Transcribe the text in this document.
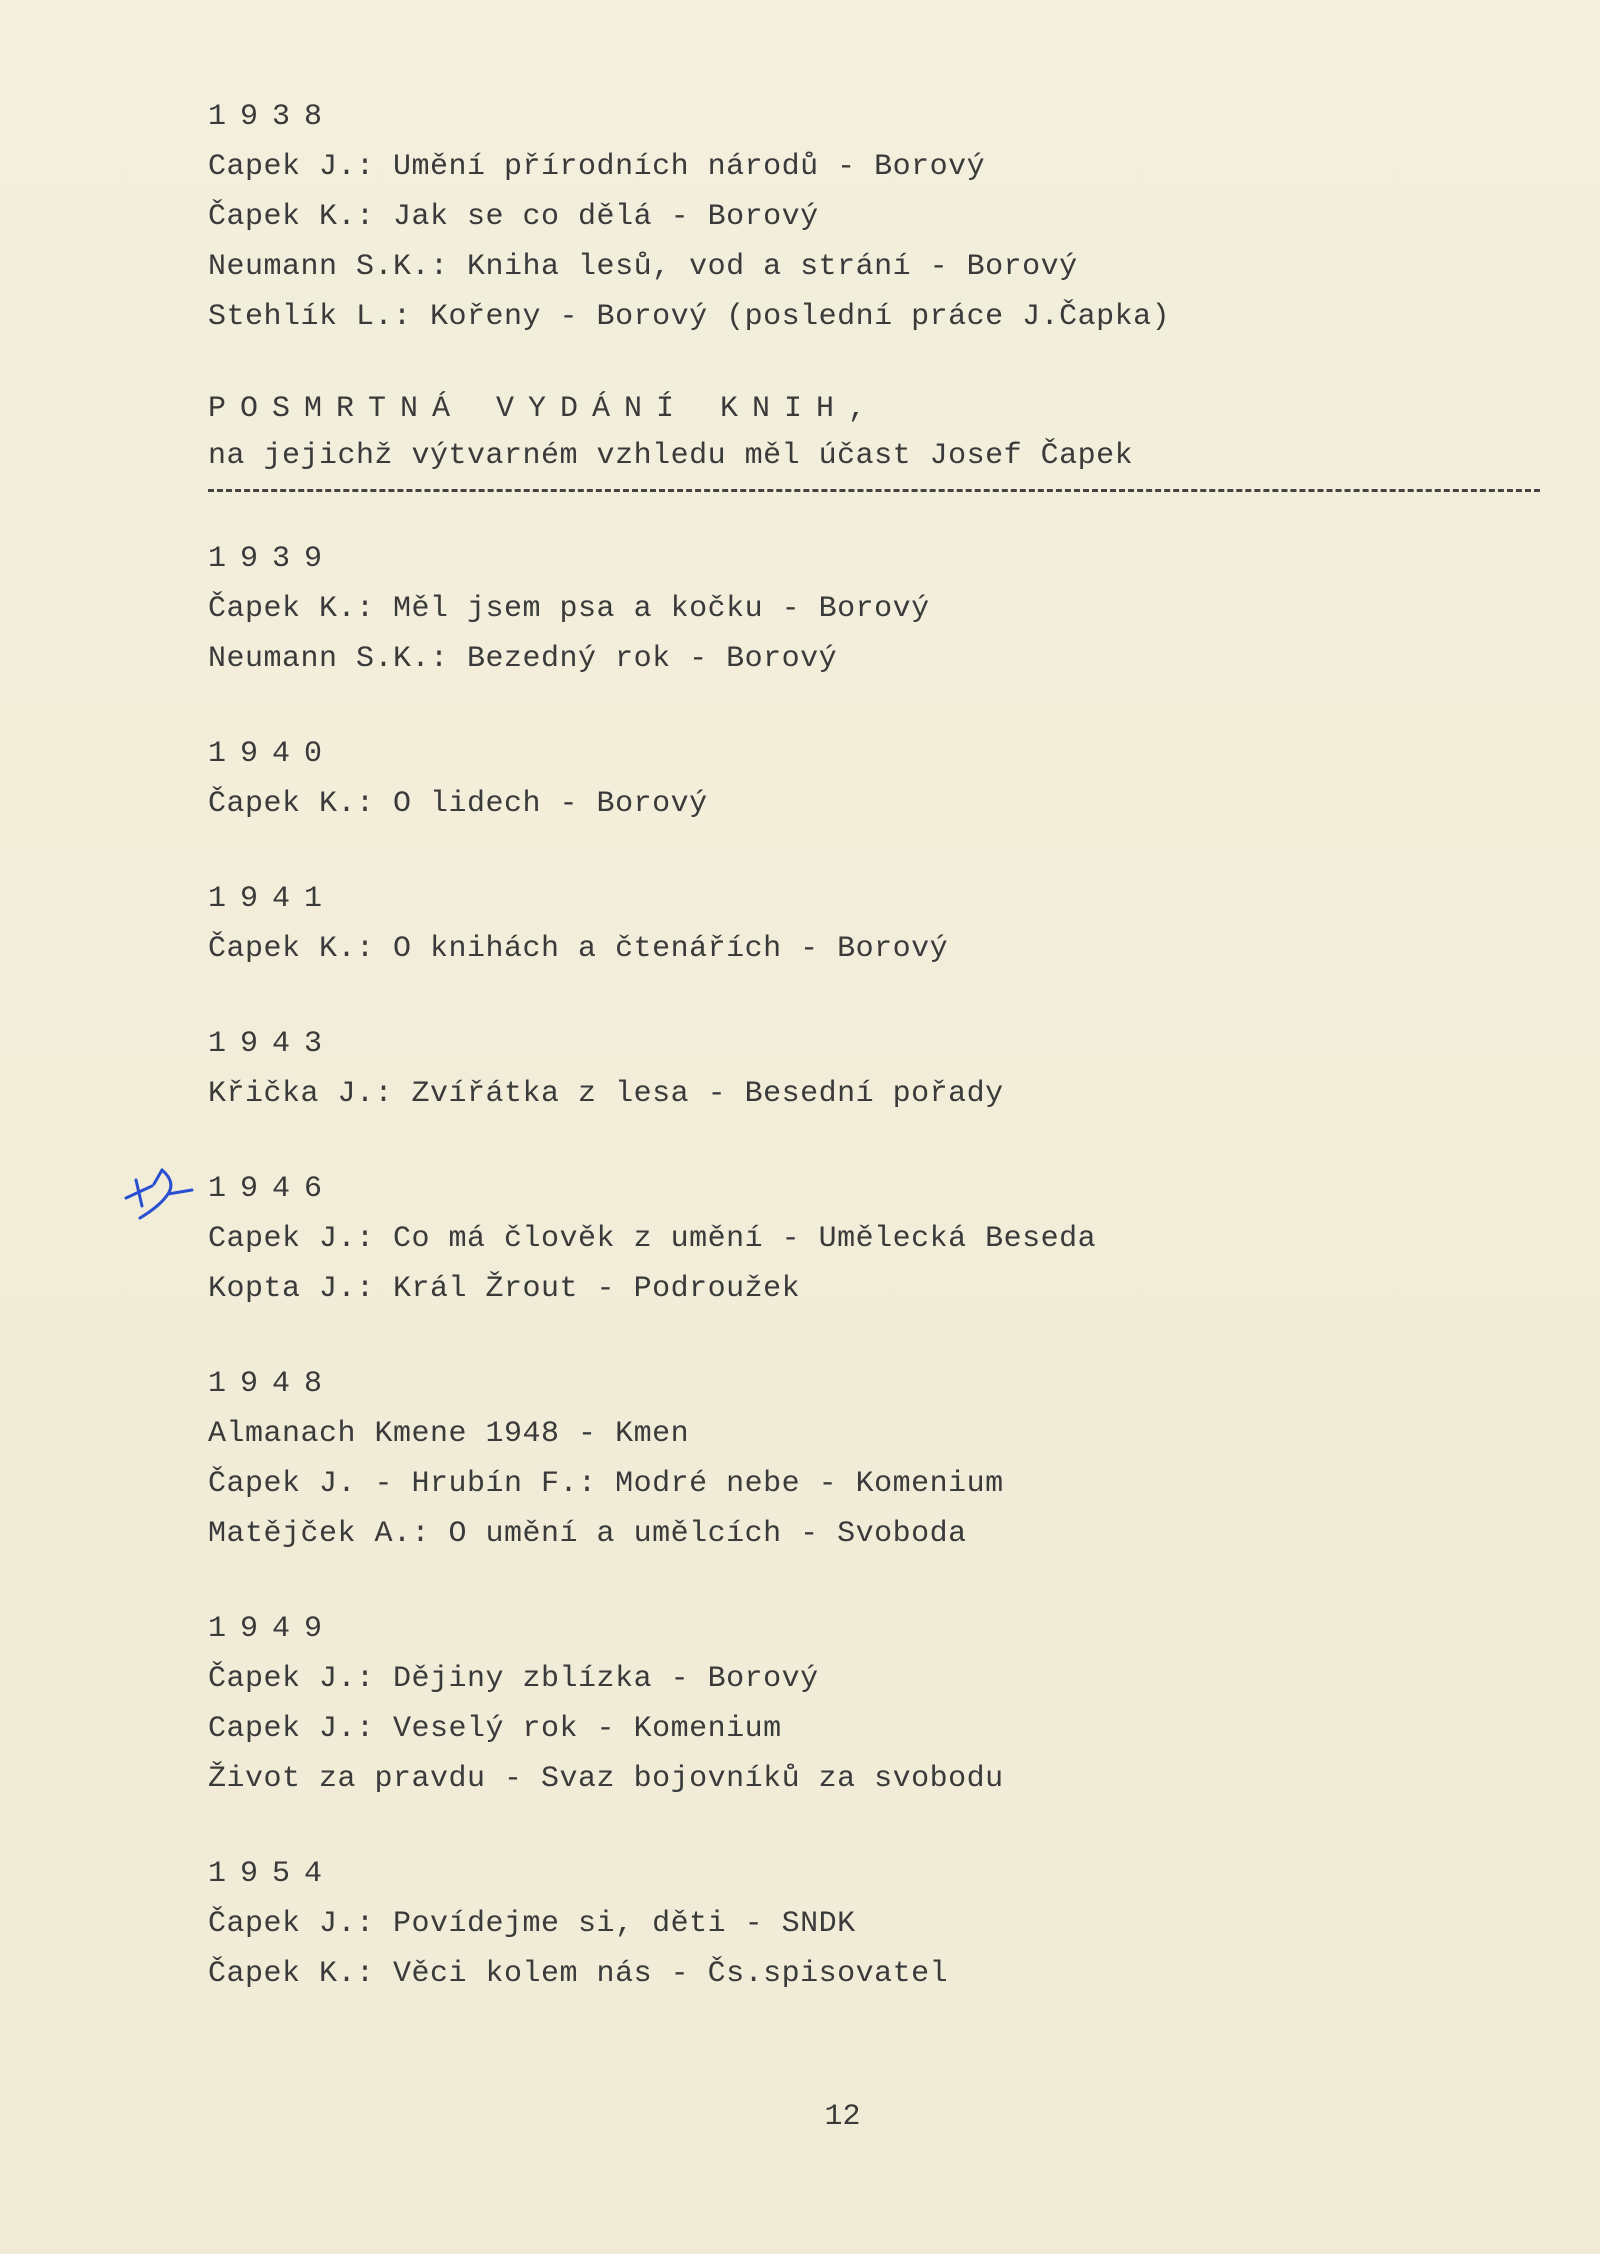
1938
Capek J.: Umění přírodních národů - Borový
Čapek K.: Jak se co dělá - Borový
Neumann S.K.: Kniha lesů, vod a strání - Borový
Stehlík L.: Kořeny - Borový (poslední práce J.Čapka)
POSMRTNÁ VYDÁNÍ KNIH,
na jejichž výtvarném vzhledu měl účast Josef Čapek
1939
Čapek K.: Měl jsem psa a kočku - Borový
Neumann S.K.: Bezedný rok - Borový
1940
Čapek K.: O lidech - Borový
1941
Čapek K.: O knihách a čtenářích - Borový
1943
Křička J.: Zvířátka z lesa - Besední pořady
1946
Capek J.: Co má člověk z umění - Umělecká Beseda
Kopta J.: Král Žrout - Podroužek
1948
Almanach Kmene 1948 - Kmen
Čapek J. - Hrubín F.: Modré nebe - Komenium
Matějček A.: O umění a umělcích - Svoboda
1949
Čapek J.: Dějiny zblízka - Borový
Capek J.: Veselý rok - Komenium
Život za pravdu - Svaz bojovníků za svobodu
1954
Čapek J.: Povídejme si, děti - SNDK
Čapek K.: Věci kolem nás - Čs.spisovatel
12
